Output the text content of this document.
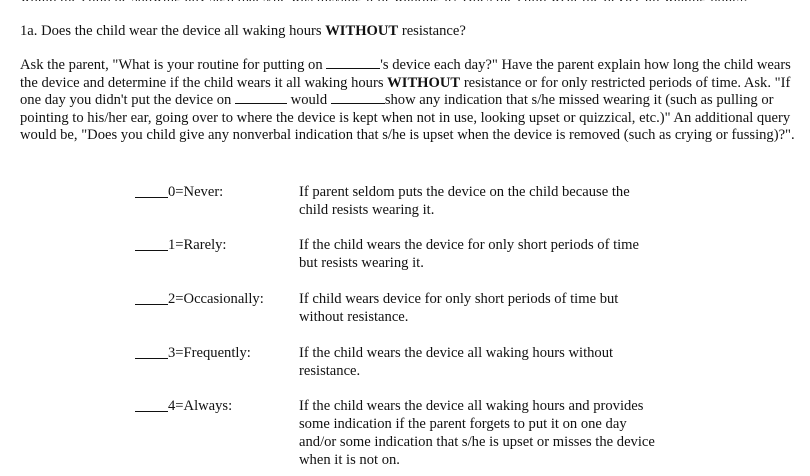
1a. Does the child wear the device all waking hours WITHOUT resistance?
Ask the parent, "What is your routine for putting on	's device each day?" Have the parent explain how long the child wears the device and determine if the child wears it all waking hours WITHOUT resistance or for only restricted periods of time. Ask. "If one day you didn't put the device on	would	show any indication that s/he missed wearing it (such as pulling or pointing to his/her ear, going over to where the device is kept when not in use, looking upset or quizzical, etc.)" An additional query would be, "Does you child give any nonverbal indication that s/he is upset when the device is removed (such as crying or fussing)?".
0=Never:	If parent seldom puts the device on the child because the child resists wearing it.
1=Rarely:	If the child wears the device for only short periods of time but resists wearing it.
2=Occasionally: If child wears device for only short periods of time but without resistance.
3=Frequently:	If the child wears the device all waking hours without resistance.
4=Always:	If the child wears the device all waking hours and provides some indication if the parent forgets to put it on one day and/or some indication that s/he is upset or misses the device when it is not on.
